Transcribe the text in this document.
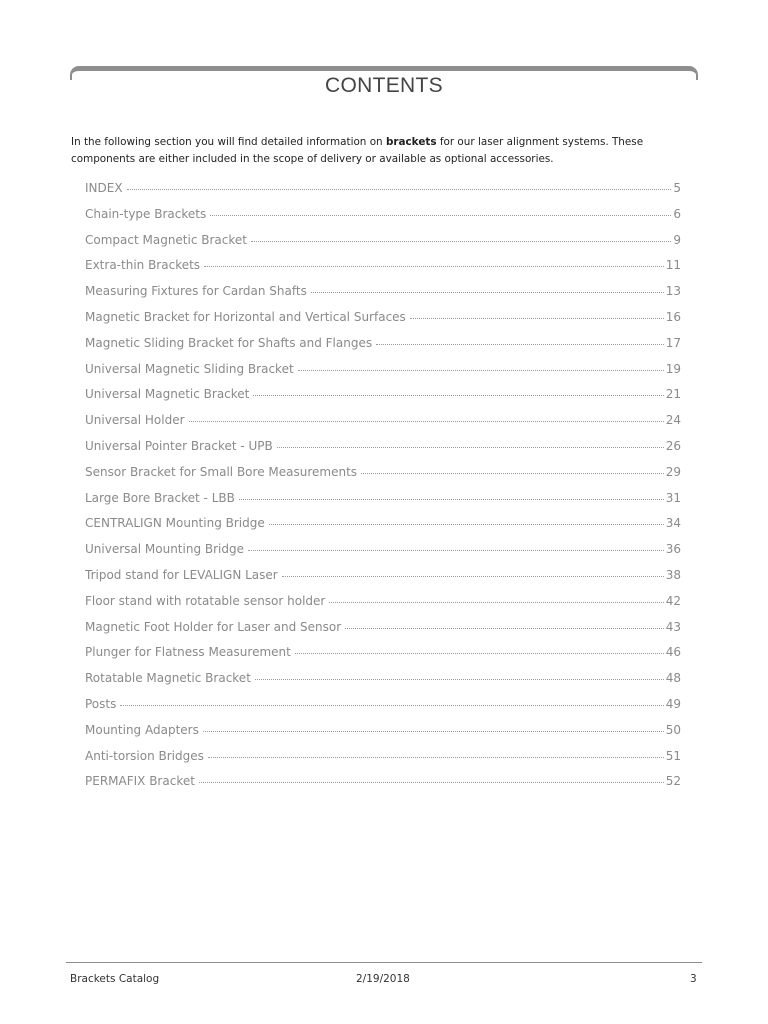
CONTENTS

In the following section you will find detailed information on brackets for our laser alignment systems. These components are either included in the scope of delivery or available as optional accessories.

INDEX	5
Chain-type Brackets	6
Compact Magnetic Bracket	9
Extra-thin Brackets	11
Measuring Fixtures for Cardan Shafts	13
Magnetic Bracket for Horizontal and Vertical Surfaces	16
Magnetic Sliding Bracket for Shafts and Flanges	17
Universal Magnetic Sliding Bracket	19
Universal Magnetic Bracket	21
Universal Holder	24
Universal Pointer Bracket - UPB	26
Sensor Bracket for Small Bore Measurements	29
Large Bore Bracket - LBB	31
CENTRALIGN Mounting Bridge	34
Universal Mounting Bridge	36
Tripod stand for LEVALIGN Laser	38
Floor stand with rotatable sensor holder	42
Magnetic Foot Holder for Laser and Sensor	43
Plunger for Flatness Measurement	46
Rotatable Magnetic Bracket	48
Posts	49
Mounting Adapters	50
Anti-torsion Bridges	51
PERMAFIX Bracket	52
Brackets Catalog	2/19/2018	3
